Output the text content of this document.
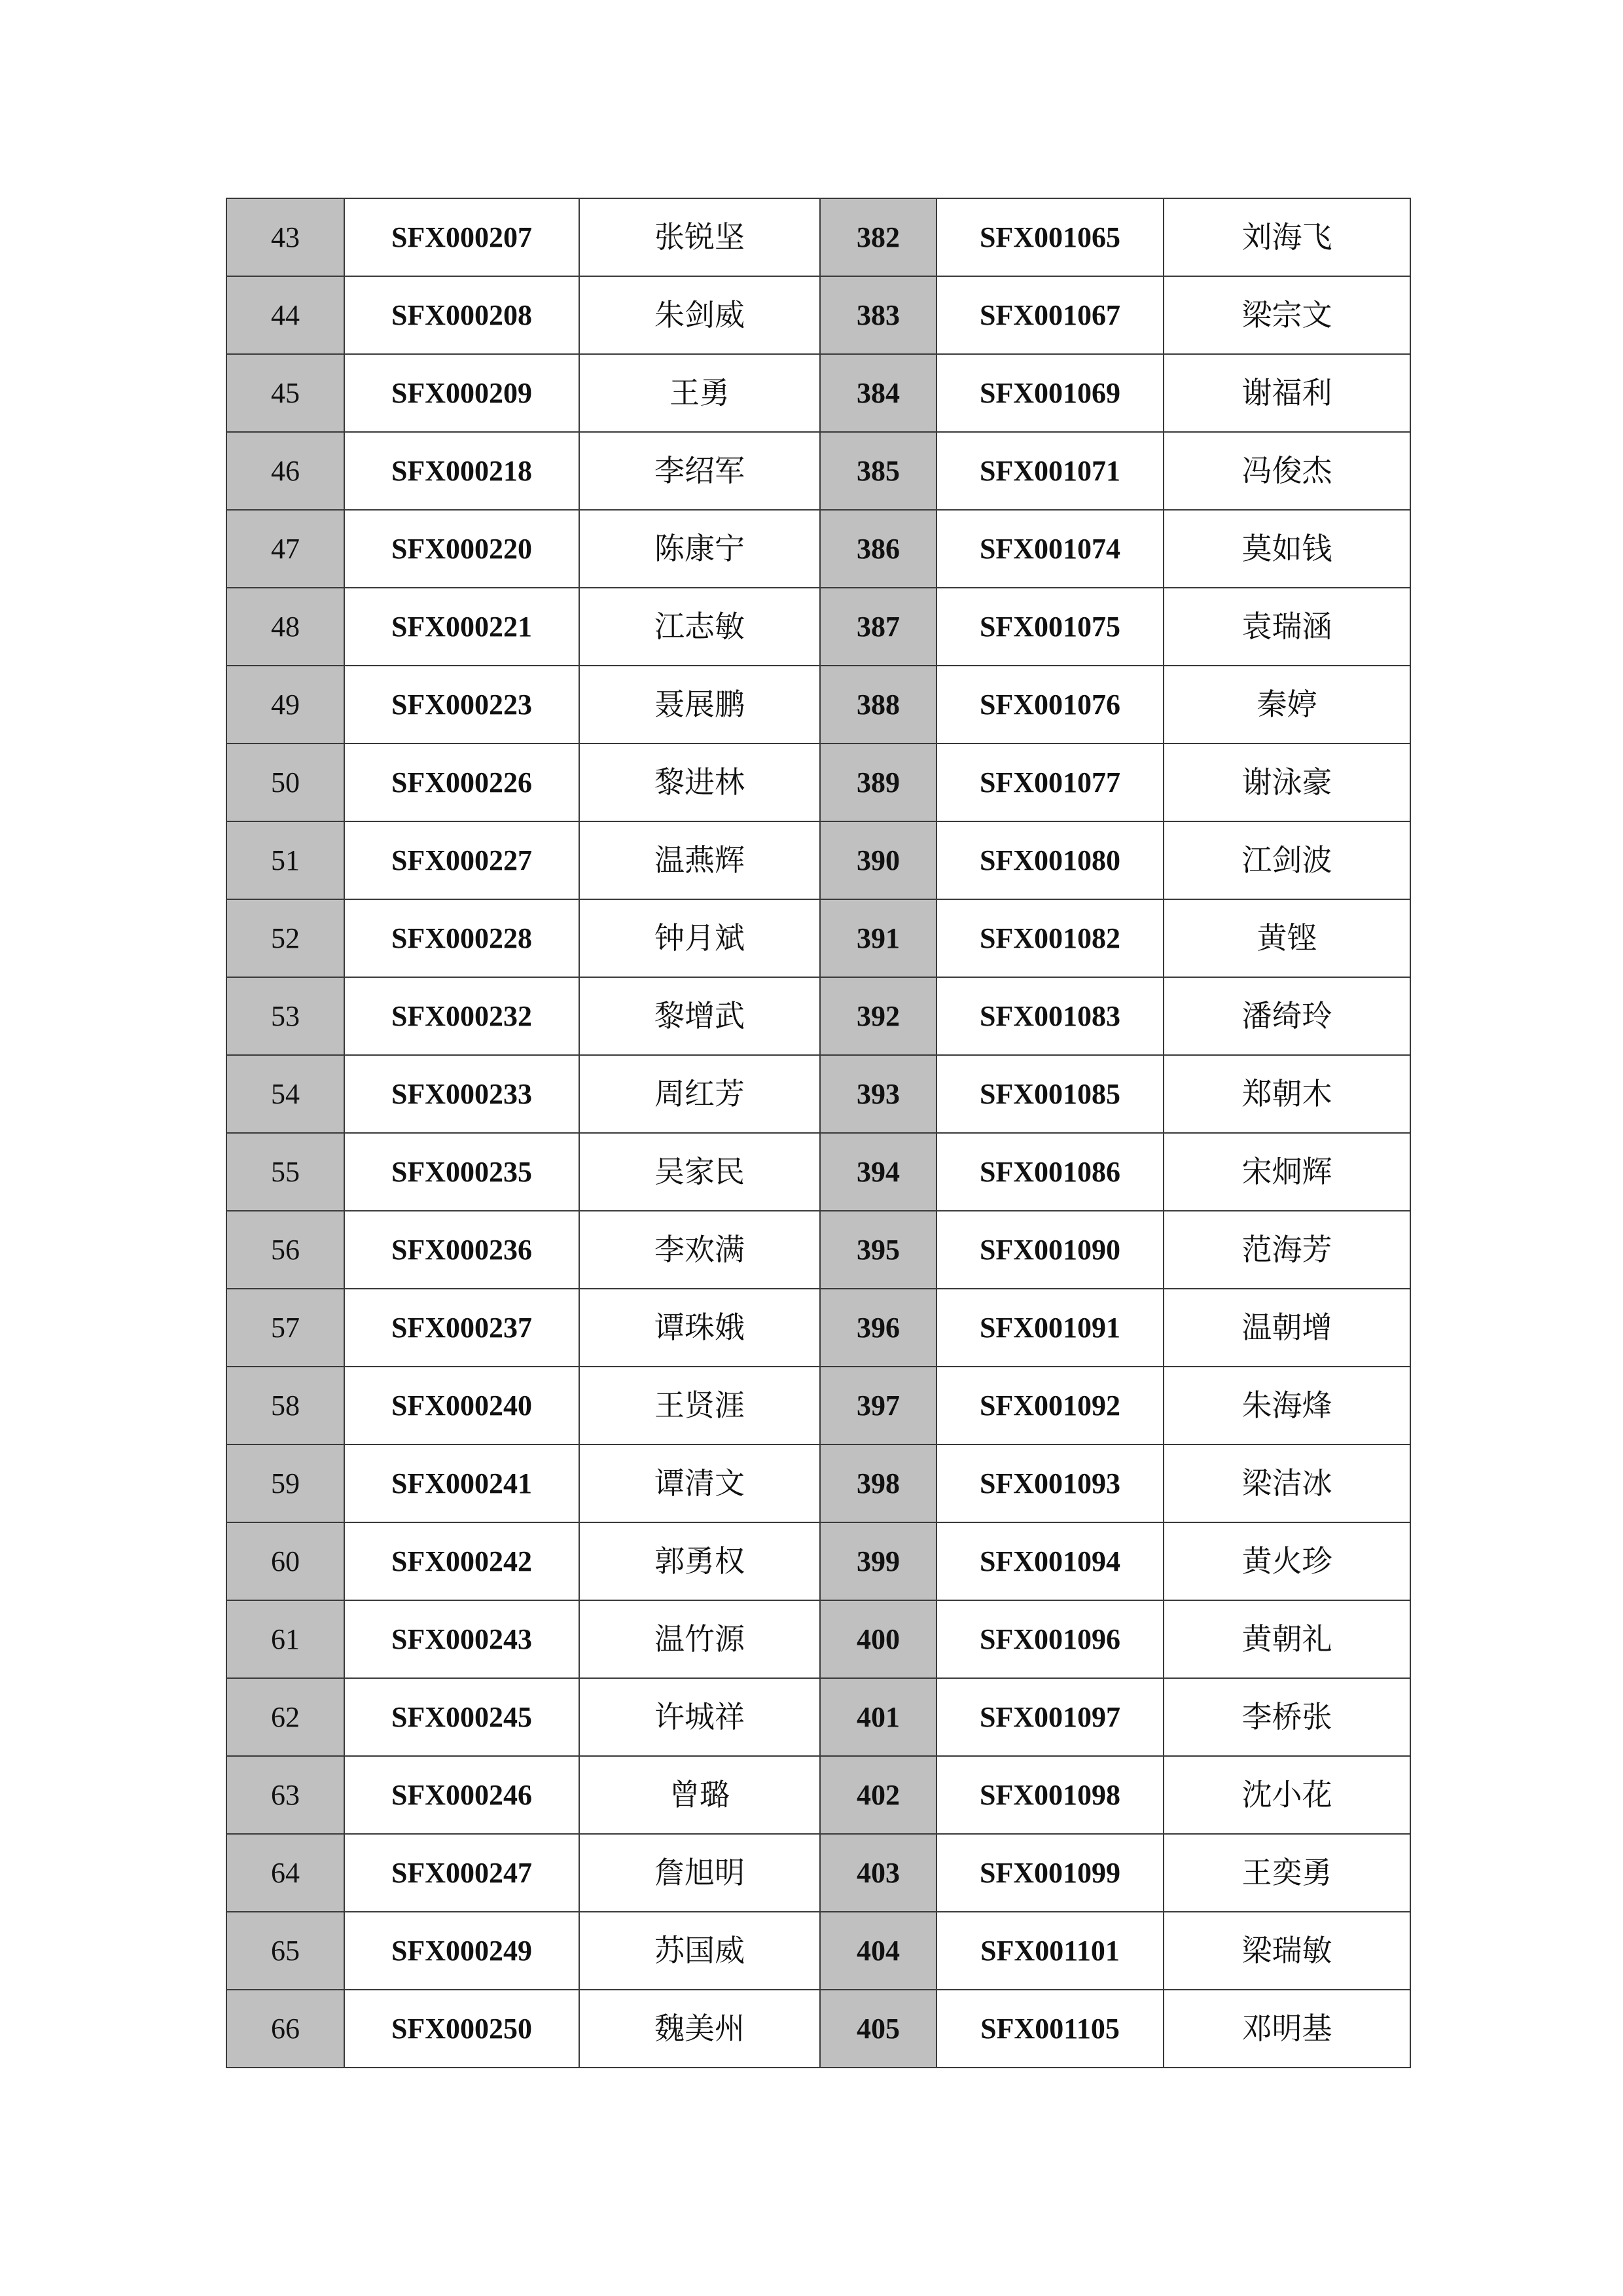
43	SFX000207	张锐坚	382	SFX001065	刘海飞
44	SFX000208	朱剑威	383	SFX001067	梁宗文
45	SFX000209	王勇	384	SFX001069	谢福利
46	SFX000218	李绍军	385	SFX001071	冯俊杰
47	SFX000220	陈康宁	386	SFX001074	莫如钱
48	SFX000221	江志敏	387	SFX001075	袁瑞涵
49	SFX000223	聂展鹏	388	SFX001076	秦婷
50	SFX000226	黎进林	389	SFX001077	谢泳豪
51	SFX000227	温燕辉	390	SFX001080	江剑波
52	SFX000228	钟月斌	391	SFX001082	黄铿
53	SFX000232	黎增武	392	SFX001083	潘绮玲
54	SFX000233	周红芳	393	SFX001085	郑朝木
55	SFX000235	吴家民	394	SFX001086	宋炯辉
56	SFX000236	李欢满	395	SFX001090	范海芳
57	SFX000237	谭珠娥	396	SFX001091	温朝增
58	SFX000240	王贤涯	397	SFX001092	朱海烽
59	SFX000241	谭清文	398	SFX001093	梁洁冰
60	SFX000242	郭勇权	399	SFX001094	黄火珍
61	SFX000243	温竹源	400	SFX001096	黄朝礼
62	SFX000245	许城祥	401	SFX001097	李桥张
63	SFX000246	曾璐	402	SFX001098	沈小花
64	SFX000247	詹旭明	403	SFX001099	王奕勇
65	SFX000249	苏国威	404	SFX001101	梁瑞敏
66	SFX000250	魏美州	405	SFX001105	邓明基
